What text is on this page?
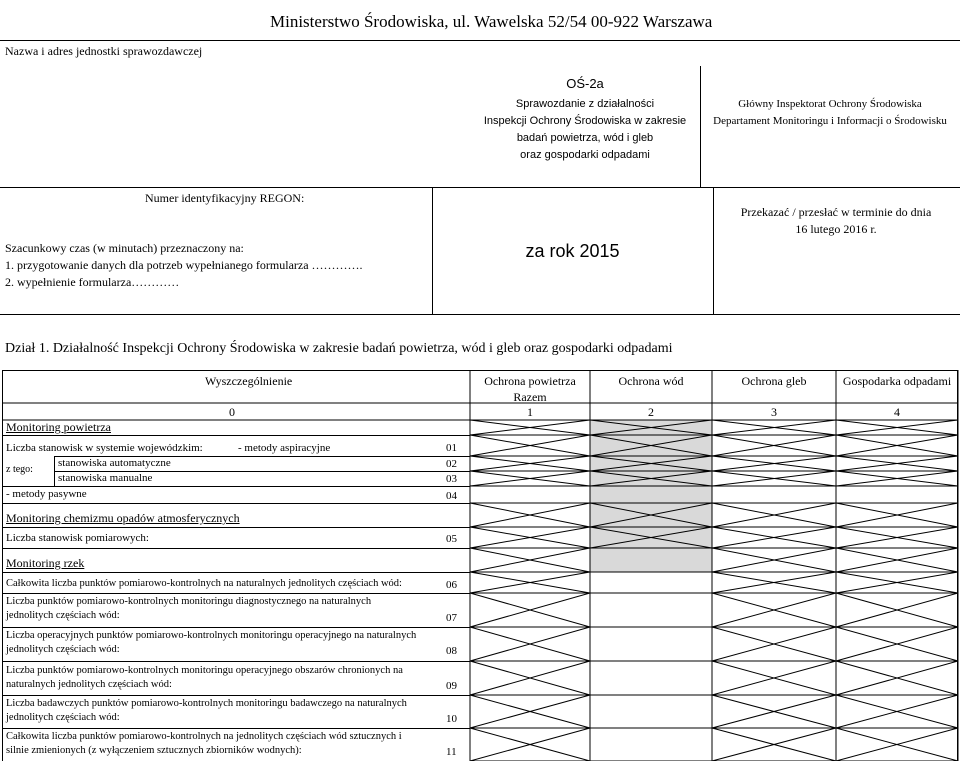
Ministerstwo Środowiska, ul. Wawelska 52/54 00-922 Warszawa
Nazwa i adres jednostki sprawozdawczej
OŚ-2a
Sprawozdanie z działalności
Inspekcji Ochrony Środowiska w zakresie
badań powietrza, wód i gleb
oraz gospodarki odpadami
Główny Inspektorat Ochrony Środowiska
Departament Monitoringu i Informacji o Środowisku
Numer identyfikacyjny REGON:
Szacunkowy czas (w minutach) przeznaczony na:
1. przygotowanie danych dla potrzeb wypełnianego formularza ………….
2. wypełnienie formularza…………
za rok 2015
Przekazać / przesłać w terminie do dnia
16 lutego 2016 r.
Dział 1. Działalność Inspekcji Ochrony Środowiska w zakresie badań powietrza, wód i gleb oraz gospodarki odpadami
Wyszczególnienie	Ochrona powietrza	Ochrona wód	Ochrona gleb	Gospodarka odpadami
Razem
0	1	2	3	4
Monitoring powietrza
Liczba stanowisk w systemie wojewódzkim:	- metody aspiracyjne	01
z tego:
stanowiska automatyczne	02
stanowiska manualne	03
- metody pasywne	04
Monitoring chemizmu opadów atmosferycznych
Liczba stanowisk pomiarowych:	05
Monitoring rzek
Całkowita liczba punktów pomiarowo-kontrolnych na naturalnych jednolitych częściach wód:	06
Liczba punktów pomiarowo-kontrolnych monitoringu diagnostycznego na naturalnych
jednolitych częściach wód:	07
Liczba operacyjnych punktów pomiarowo-kontrolnych monitoringu operacyjnego na naturalnych
jednolitych częściach wód:	08
Liczba punktów pomiarowo-kontrolnych monitoringu operacyjnego obszarów chronionych na
naturalnych jednolitych częściach wód:	09
Liczba badawczych punktów pomiarowo-kontrolnych monitoringu badawczego na naturalnych
jednolitych częściach wód:	10
Całkowita liczba punktów pomiarowo-kontrolnych na jednolitych częściach wód sztucznych i
silnie zmienionych (z wyłączeniem sztucznych zbiorników wodnych):	11
